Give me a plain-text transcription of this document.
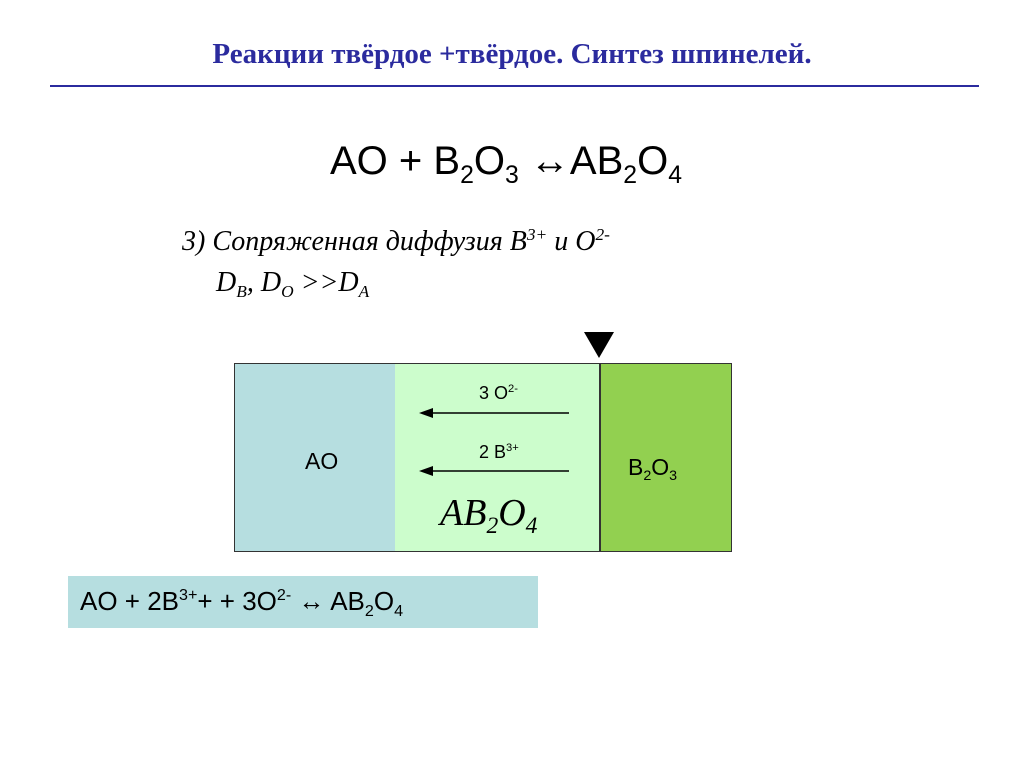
Реакции твёрдое +твёрдое. Синтез шпинелей.
AO + $B_2O_3$ $\leftrightarrow AB_2O_4$
3) Сопряженная диффузия $B^{3+}$ и $O^{2-}$
$D_B$, $D_O >>D_A$
AO
3 $O^{2-}$
2 $B^{3+}$
$AB_2O_4$
$B_2O_3$
AO + $2B^{3+}+ + 3O^{2-}$ ↔ $AB_2O_4$
